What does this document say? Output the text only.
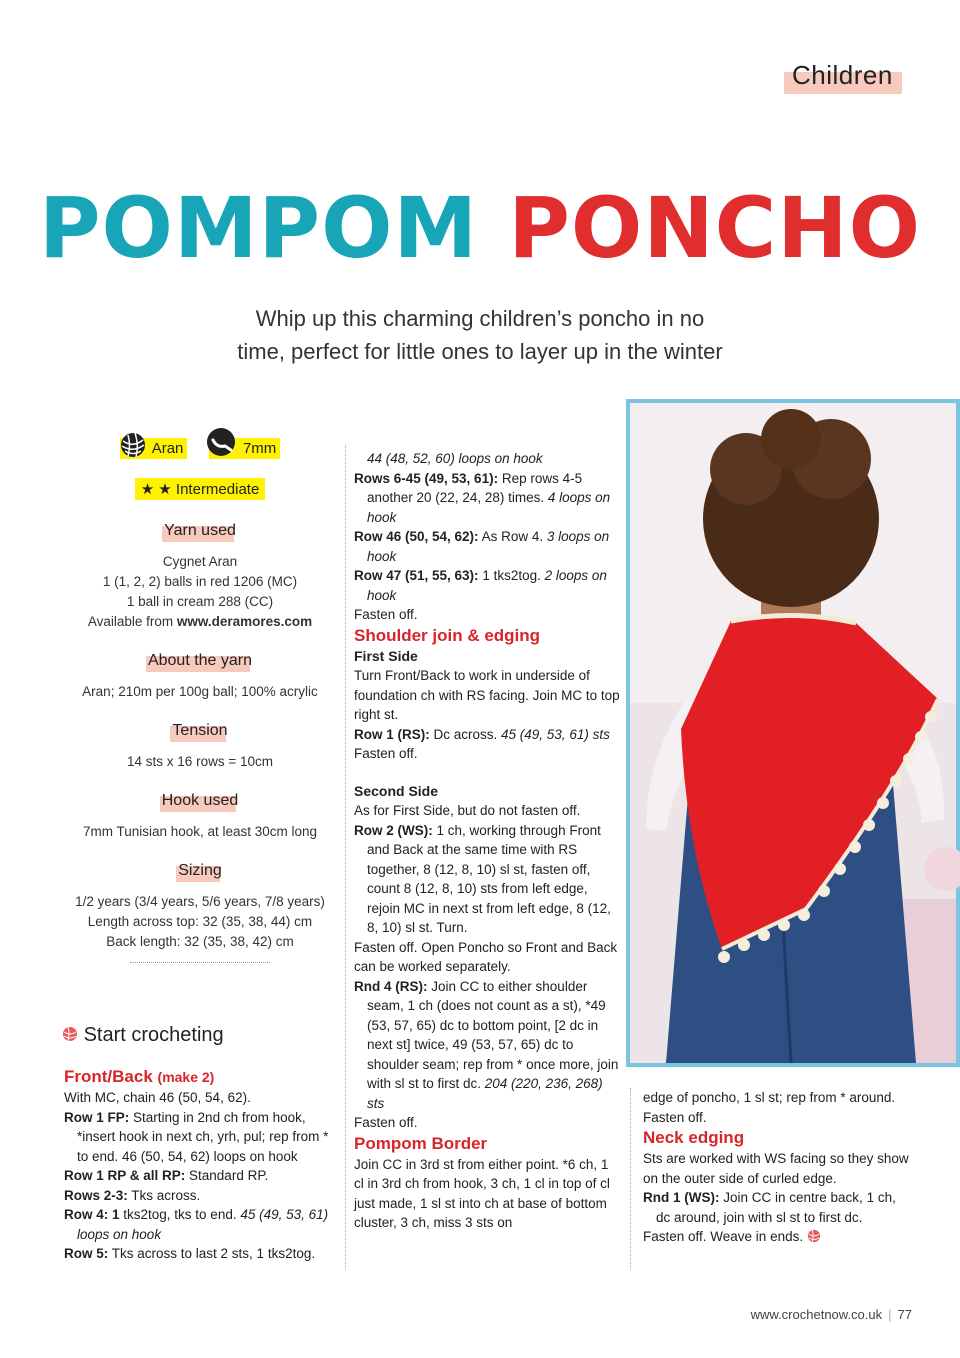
Children
POMPOM PONCHO
Whip up this charming children’s poncho in no
time, perfect for little ones to layer up in the winter
Aran	7mm
★ ★ Intermediate
Yarn used

Cygnet Aran

1 (1, 2, 2) balls in red 1206 (MC)

1 ball in cream 288 (CC)

Available from www.deramores.com

About the yarn

Aran; 210m per 100g ball; 100% acrylic

Tension

14 sts x 16 rows = 10cm

Hook used

7mm Tunisian hook, at least 30cm long

Sizing

1/2 years (3/4 years, 5/6 years, 7/8 years)

Length across top: 32 (35, 38, 44) cm

Back length: 32 (35, 38, 42) cm

Start crocheting

Front/Back (make 2)

With MC, chain 46 (50, 54, 62).

Row 1 FP: Starting in 2nd ch from hook, *insert hook in next ch, yrh, pul; rep from * to end. 46 (50, 54, 62) loops on hook

Row 1 RP & all RP: Standard RP.

Rows 2-3: Tks across.

Row 4: 1 tks2tog, tks to end. 45 (49, 53, 61) loops on hook

Row 5: Tks across to last 2 sts, 1 tks2tog.

44 (48, 52, 60) loops on hook

Rows 6-45 (49, 53, 61): Rep rows 4-5 another 20 (22, 24, 28) times. 4 loops on hook

Row 46 (50, 54, 62): As Row 4. 3 loops on hook

Row 47 (51, 55, 63): 1 tks2tog. 2 loops on hook

Fasten off.

Shoulder join & edging

First Side

Turn Front/Back to work in underside of foundation ch with RS facing. Join MC to top right st.

Row 1 (RS): Dc across. 45 (49, 53, 61) sts

Fasten off.

Second Side

As for First Side, but do not fasten off.

Row 2 (WS): 1 ch, working through Front and Back at the same time with RS together, 8 (12, 8, 10) sl st, fasten off, count 8 (12, 8, 10) sts from left edge, rejoin MC in next st from left edge, 8 (12, 8, 10) sl st. Turn.

Fasten off. Open Poncho so Front and Back can be worked separately.

Rnd 4 (RS): Join CC to either shoulder seam, 1 ch (does not count as a st), *49 (53, 57, 65) dc to bottom point, [2 dc in next st] twice, 49 (53, 57, 65) dc to shoulder seam; rep from * once more, join with sl st to first dc. 204 (220, 236, 268) sts

Fasten off.

Pompom Border

Join CC in 3rd st from either point. *6 ch, 1 cl in 3rd ch from hook, 3 ch, 1 cl in top of cl just made, 1 sl st into ch at base of bottom cluster, 3 ch, miss 3 sts on

edge of poncho, 1 sl st; rep from * around.

Fasten off.

Neck edging

Sts are worked with WS facing so they show on the outer side of curled edge.

Rnd 1 (WS): Join CC in centre back, 1 ch, dc around, join with sl st to first dc.

Fasten off. Weave in ends.

www.crochetnow.co.uk | 77
